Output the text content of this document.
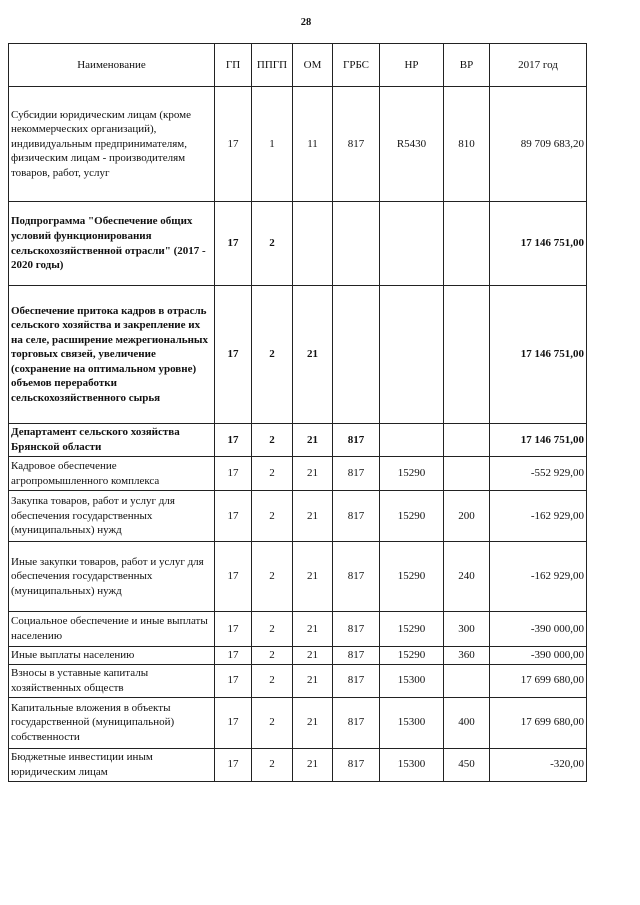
28
Наименование	ГП	ППГП	ОМ	ГРБС	НР	ВР	2017 год
Субсидии юридическим лицам (кроме некоммерческих организаций), индивидуальным предпринимателям, физическим лицам - производителям товаров, работ, услуг	17	1	11	817	R5430	810	89 709 683,20
Подпрограмма "Обеспечение общих условий функционирования сельскохозяйственной отрасли" (2017 - 2020 годы)	17	2					17 146 751,00
Обеспечение притока кадров в отрасль сельского хозяйства и закрепление их на селе, расширение межрегиональных торговых связей, увеличение (сохранение на оптимальном уровне) объемов переработки сельскохозяйственного сырья	17	2	21				17 146 751,00
Департамент сельского хозяйства Брянской области	17	2	21	817			17 146 751,00
Кадровое обеспечение агропромышленного комплекса	17	2	21	817	15290		-552 929,00
Закупка товаров, работ и услуг для обеспечения государственных (муниципальных) нужд	17	2	21	817	15290	200	-162 929,00
Иные закупки товаров, работ и услуг для обеспечения государственных (муниципальных) нужд	17	2	21	817	15290	240	-162 929,00
Социальное обеспечение и иные выплаты населению	17	2	21	817	15290	300	-390 000,00
Иные выплаты населению	17	2	21	817	15290	360	-390 000,00
Взносы в уставные капиталы хозяйственных обществ	17	2	21	817	15300		17 699 680,00
Капитальные вложения в объекты государственной (муниципальной) собственности	17	2	21	817	15300	400	17 699 680,00
Бюджетные инвестиции иным юридическим лицам	17	2	21	817	15300	450	-320,00
